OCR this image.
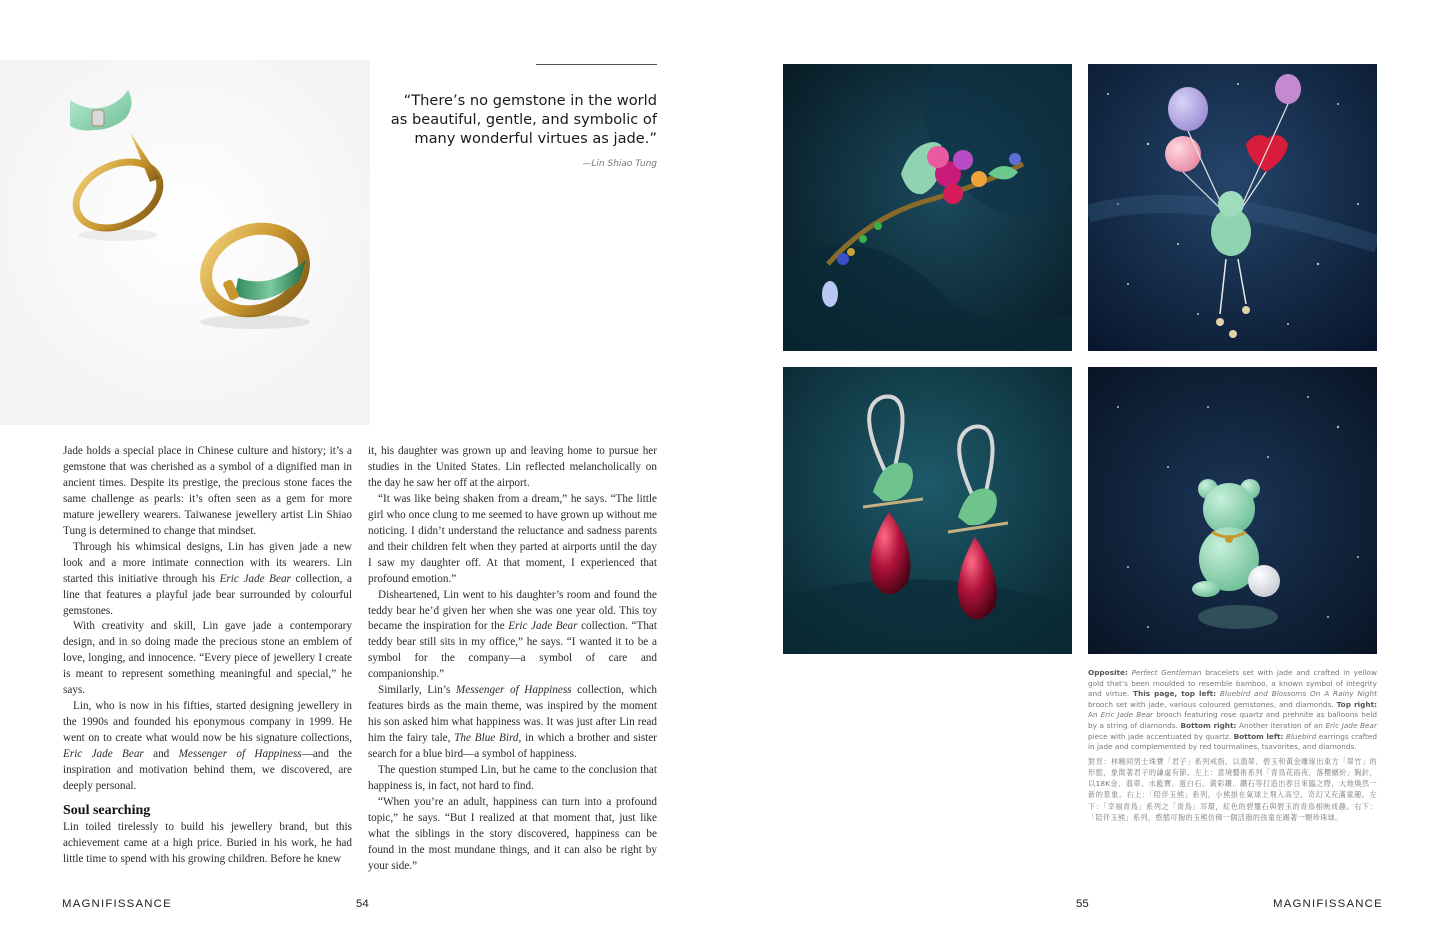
“There’s no gemstone in the world
as beautiful, gentle, and symbolic of
many wonderful virtues as jade.”
—Lin Shiao Tung

Jade holds a special place in Chinese culture and history; it’s a gemstone that was cherished as a symbol of a dignified man in ancient times. Despite its prestige, the precious stone faces the same challenge as pearls: it’s often seen as a gem for more mature jewellery wearers. Taiwanese jewellery artist Lin Shiao Tung is determined to change that mindset.

Through his whimsical designs, Lin has given jade a new look and a more intimate connection with its wearers. Lin started this initiative through his Eric Jade Bear collection, a line that features a playful jade bear surrounded by colourful gemstones.

With creativity and skill, Lin gave jade a contemporary design, and in so doing made the precious stone an emblem of love, longing, and innocence. “Every piece of jewellery I create is meant to represent something meaningful and special,” he says.

Lin, who is now in his fifties, started designing jewellery in the 1990s and founded his eponymous company in 1999. He went on to create what would now be his signature collections, Eric Jade Bear and Messenger of Happiness—and the inspiration and motivation behind them, we discovered, are deeply personal.

Soul searching

Lin toiled tirelessly to build his jewellery brand, but this achievement came at a high price. Buried in his work, he had little time to spend with his growing children. Before he knew

it, his daughter was grown up and leaving home to pursue her studies in the United States. Lin reflected melancholically on the day he saw her off at the airport.

“It was like being shaken from a dream,” he says. “The little girl who once clung to me seemed to have grown up without me noticing. I didn’t understand the reluctance and sadness parents and their children felt when they parted at airports until the day I saw my daughter off. At that moment, I experienced that profound emotion.”

Disheartened, Lin went to his daughter’s room and found the teddy bear he’d given her when she was one year old. This toy became the inspiration for the Eric Jade Bear collection. “That teddy bear still sits in my office,” he says. “I wanted it to be a symbol for the company—a symbol of care and companionship.”

Similarly, Lin’s Messenger of Happiness collection, which features birds as the main theme, was inspired by the moment his son asked him what happiness was. It was just after Lin read him the fairy tale, The Blue Bird, in which a brother and sister search for a blue bird—a symbol of happiness.

The question stumped Lin, but he came to the conclusion that happiness is, in fact, not hard to find.

“When you’re an adult, happiness can turn into a profound topic,” he says. “But I realized at that moment that, just like what the siblings in the story discovered, happiness can be found in the most mundane things, and it can also be right by your side.”

Opposite: Perfect Gentleman bracelets set with jade and crafted in yellow gold that’s been moulded to resemble bamboo, a known symbol of integrity and virtue. This page, top left: Bluebird and Blossoms On A Rainy Night brooch set with jade, various coloured gemstones, and diamonds. Top right: An Eric Jade Bear brooch featuring rose quartz and prehnite as balloons held by a string of diamonds. Bottom right: Another iteration of an Eric Jade Bear piece with jade accentuated by quartz. Bottom left: Bluebird earrings crafted in jade and complemented by red tourmalines, tsavorites, and diamonds.

對頁：林曉同男士珠寶「君子」系列戒指，以翡翠、碧玉和黃金雕琢出東方「翠竹」的形態，象徵著君子的謙虛有節。左上：意境藝術系列「青鳥花雨夜．落櫻繽紛」胸針，以18K金、翡翠、水藍寶、蛋白石、黃彩鑽、鑽石等打造出春日來臨之際，大地煥然一新的景象。右上：「陪伴玉熊」系列，小熊掛在氣球上飛入高空，奇幻又充滿童趣。左下：「幸福青鳥」系列之「青鳥」耳環，紅色的碧璽石與碧玉的青鳥相映成趣。右下：「陪伴玉熊」系列，憨態可掬的玉熊仿佛一個活潑的孩童在踢著一顆珍珠球。

MAGNIFISSANCE	54	55	MAGNIFISSANCE
